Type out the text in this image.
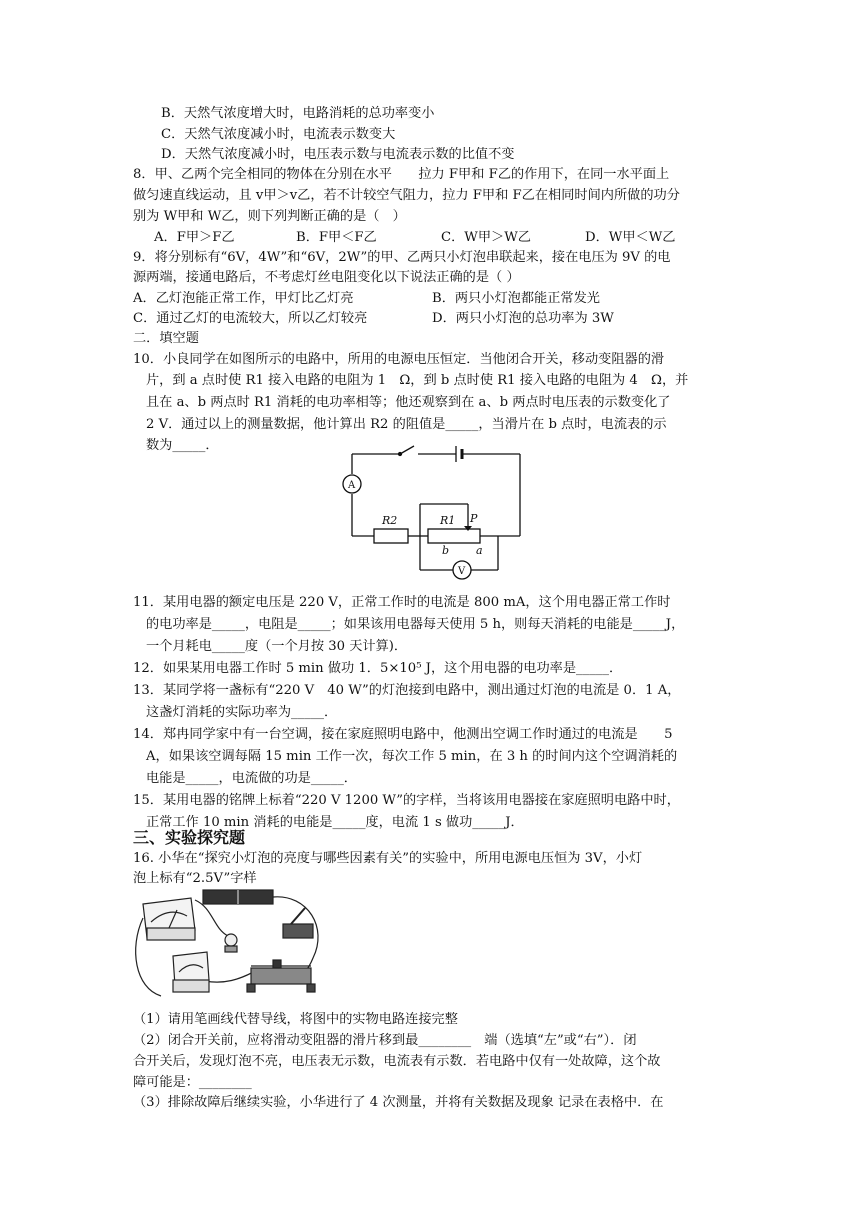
B．天然气浓度增大时，电路消耗的总功率变小
C．天然气浓度减小时，电流表示数变大
D．天然气浓度减小时，电压表示数与电流表示数的比值不变
8．甲、乙两个完全相同的物体在分别在水平　　拉力 F甲和 F乙的作用下，在同一水平面上
做匀速直线运动，且 v甲＞v乙，若不计较空气阻力，拉力 F甲和 F乙在相同时间内所做的功分
别为 W甲和 W乙，则下列判断正确的是（　）
A．F甲＞F乙	B．F甲＜F乙	C．W甲＞W乙	D．W甲＜W乙
9．将分别标有“6V，4W”和“6V，2W”的甲、乙两只小灯泡串联起来，接在电压为 9V 的电
源两端，接通电路后，不考虑灯丝电阻变化以下说法正确的是（ ）
A．乙灯泡能正常工作，甲灯比乙灯亮	B．两只小灯泡都能正常发光
C．通过乙灯的电流较大，所以乙灯较亮	D．两只小灯泡的总功率为 3W
二．填空题
10．小良同学在如图所示的电路中，所用的电源电压恒定．当他闭合开关，移动变阻器的滑
片，到 a 点时使 R1 接入电路的电阻为 1　Ω，到 b 点时使 R1 接入电路的电阻为 4　Ω，并
且在 a、b 两点时 R1 消耗的电功率相等；他还观察到在 a、b 两点时电压表的示数变化了
2 V．通过以上的测量数据，他计算出 R2 的阻值是_____，当滑片在 b 点时，电流表的示
数为_____．
A
V
R2	R1 P
b a
11．某用电器的额定电压是 220 V，正常工作时的电流是 800 mA，这个用电器正常工作时
的电功率是_____，电阻是_____；如果该用电器每天使用 5 h，则每天消耗的电能是_____J，
一个月耗电_____度（一个月按 30 天计算)．
12．如果某用电器工作时 5 min 做功 1．5×10⁵ J，这个用电器的电功率是_____．
13．某同学将一盏标有“220 V　40 W”的灯泡接到电路中，测出通过灯泡的电流是 0．1 A，
这盏灯消耗的实际功率为_____．
14．郑冉同学家中有一台空调，接在家庭照明电路中，他测出空调工作时通过的电流是　　5
A，如果该空调每隔 15 min 工作一次，每次工作 5 min，在 3 h 的时间内这个空调消耗的
电能是_____，电流做的功是_____．
15．某用电器的铭牌上标着“220 V 1200 W”的字样，当将该用电器接在家庭照明电路中时，
正常工作 10 min 消耗的电能是_____度，电流 1 s 做功_____J．
三、实验探究题
16. 小华在“探究小灯泡的亮度与哪些因素有关”的实验中，所用电源电压恒为 3V，小灯
泡上标有“2.5V”字样
（1）请用笔画线代替导线，将图中的实物电路连接完整
（2）闭合开关前，应将滑动变阻器的滑片移到最________　端（选填“左”或“右”）．闭
合开关后，发现灯泡不亮，电压表无示数，电流表有示数．若电路中仅有一处故障，这个故
障可能是：________
（3）排除故障后继续实验，小华进行了 4 次测量，并将有关数据及现象 记录在表格中．在
